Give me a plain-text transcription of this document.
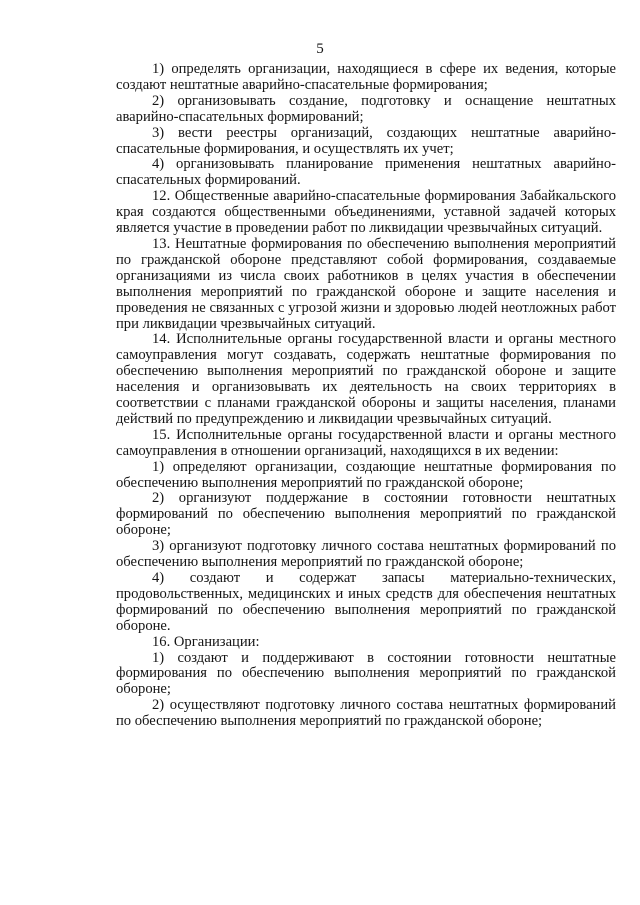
5

1) определять организации, находящиеся в сфере их ведения, которые создают нештатные аварийно-спасательные формирования;

2) организовывать создание, подготовку и оснащение нештатных аварийно-спасательных формирований;

3) вести реестры организаций, создающих нештатные аварийно-спасательные формирования, и осуществлять их учет;

4) организовывать планирование применения нештатных аварийно-спасательных формирований.

12. Общественные аварийно-спасательные формирования Забайкальского края создаются общественными объединениями, уставной задачей которых является участие в проведении работ по ликвидации чрезвычайных ситуаций.

13. Нештатные формирования по обеспечению выполнения мероприятий по гражданской обороне представляют собой формирования, создаваемые организациями из числа своих работников в целях участия в обеспечении выполнения мероприятий по гражданской обороне и защите населения и проведения не связанных с угрозой жизни и здоровью людей неотложных работ при ликвидации чрезвычайных ситуаций.

14. Исполнительные органы государственной власти и органы местного самоуправления могут создавать, содержать нештатные формирования по обеспечению выполнения мероприятий по гражданской обороне и защите населения и организовывать их деятельность на своих территориях в соответствии с планами гражданской обороны и защиты населения, планами действий по предупреждению и ликвидации чрезвычайных ситуаций.

15. Исполнительные органы государственной власти и органы местного самоуправления в отношении организаций, находящихся в их ведении:

1) определяют организации, создающие нештатные формирования по обеспечению выполнения мероприятий по гражданской обороне;

2) организуют поддержание в состоянии готовности нештатных формирований по обеспечению выполнения мероприятий по гражданской обороне;

3) организуют подготовку личного состава нештатных формирований по обеспечению выполнения мероприятий по гражданской обороне;

4) создают и содержат запасы материально-технических, продовольственных, медицинских и иных средств для обеспечения нештатных формирований по обеспечению выполнения мероприятий по гражданской обороне.

16. Организации:

1) создают и поддерживают в состоянии готовности нештатные формирования по обеспечению выполнения мероприятий по гражданской обороне;

2) осуществляют подготовку личного состава нештатных формирований по обеспечению выполнения мероприятий по гражданской обороне;
